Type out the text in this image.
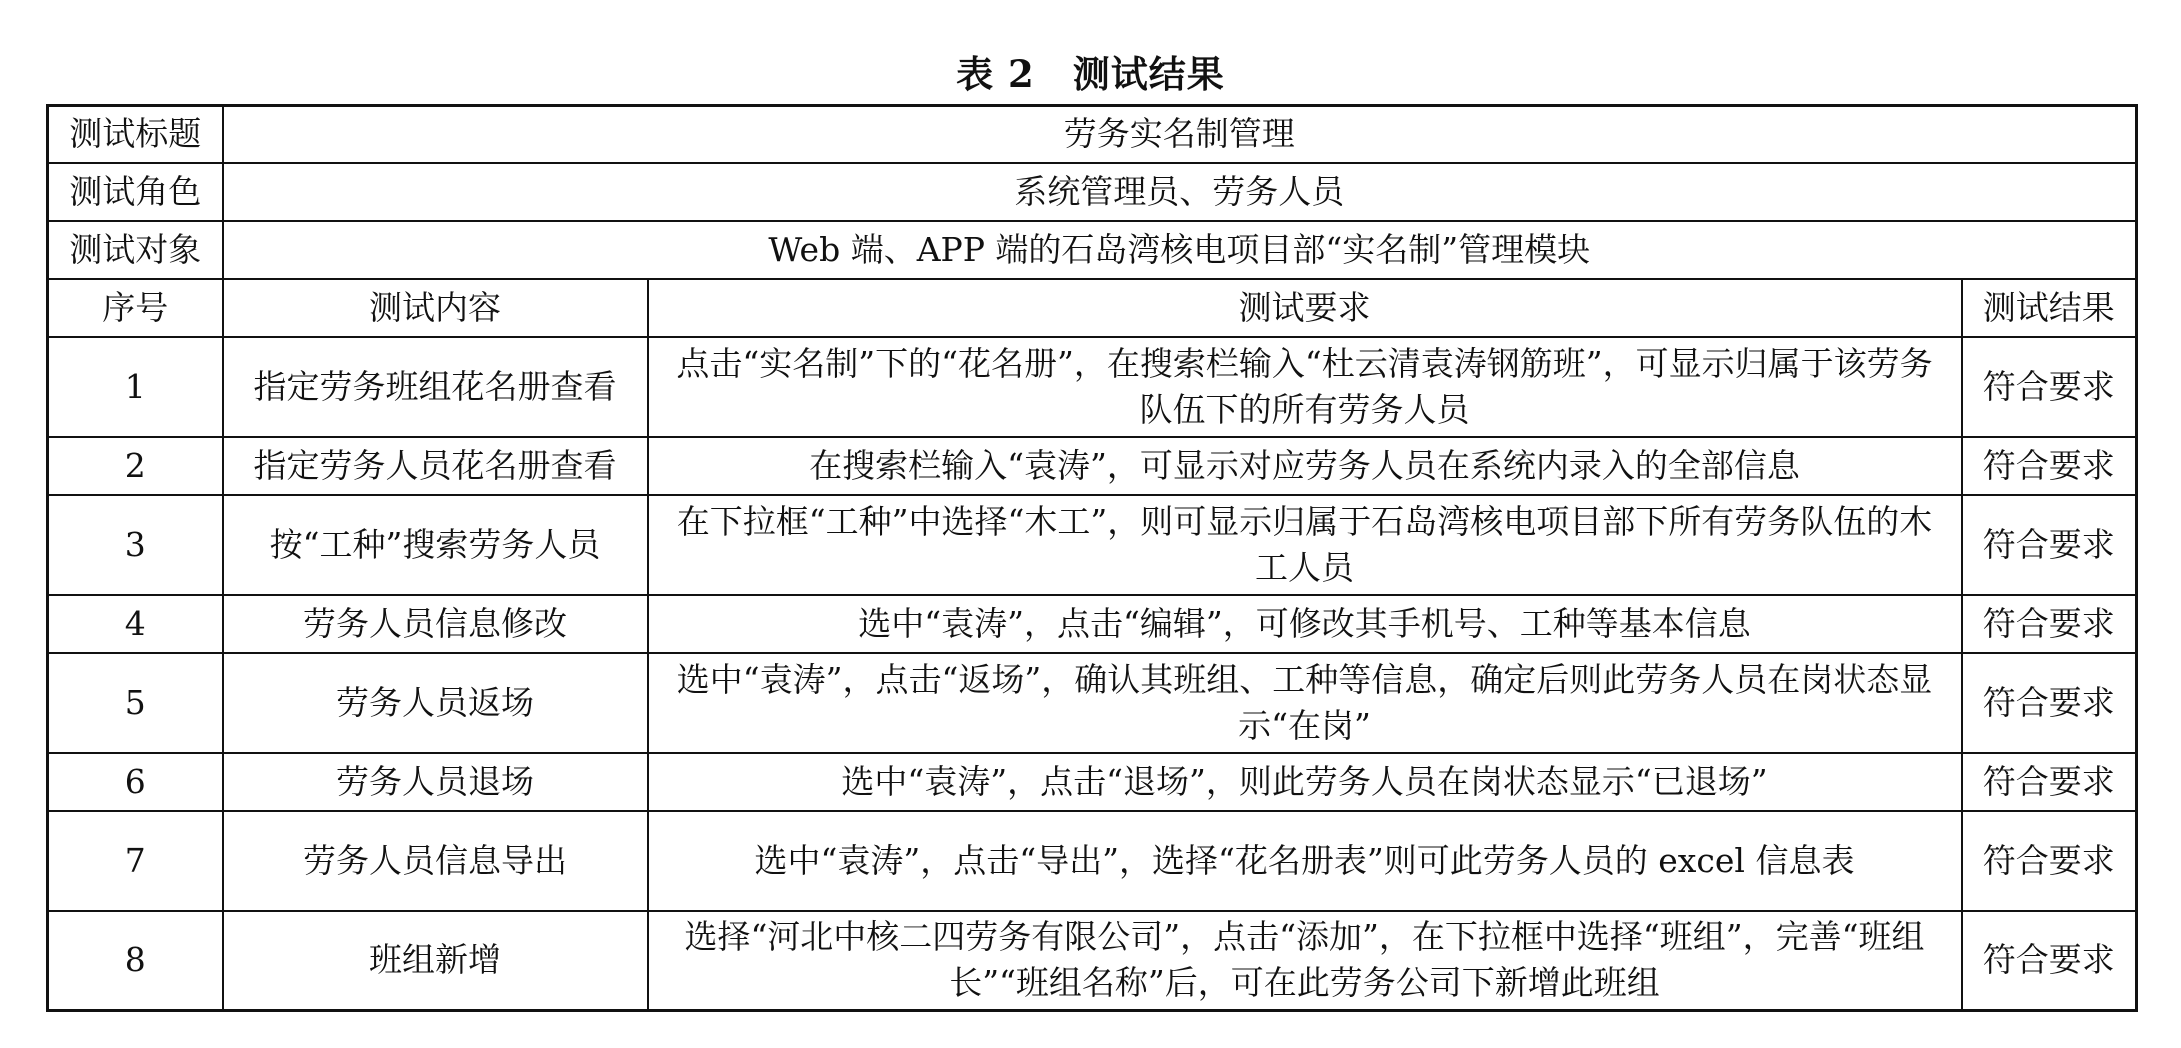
表 2　测试结果
测试标题	劳务实名制管理		
测试角色	系统管理员、劳务人员		
测试对象	Web 端、APP 端的石岛湾核电项目部“实名制”管理模块		
序号	测试内容	测试要求	测试结果
1	指定劳务班组花名册查看	点击“实名制”下的“花名册”，在搜索栏输入“杜云清袁涛钢筋班”，可显示归属于该劳务队伍下的所有劳务人员	符合要求
2	指定劳务人员花名册查看	在搜索栏输入“袁涛”，可显示对应劳务人员在系统内录入的全部信息	符合要求
3	按“工种”搜索劳务人员	在下拉框“工种”中选择“木工”，则可显示归属于石岛湾核电项目部下所有劳务队伍的木工人员	符合要求
4	劳务人员信息修改	选中“袁涛”，点击“编辑”，可修改其手机号、工种等基本信息	符合要求
5	劳务人员返场	选中“袁涛”，点击“返场”，确认其班组、工种等信息，确定后则此劳务人员在岗状态显示“在岗”	符合要求
6	劳务人员退场	选中“袁涛”，点击“退场”，则此劳务人员在岗状态显示“已退场”	符合要求
7	劳务人员信息导出	选中“袁涛”，点击“导出”，选择“花名册表”则可此劳务人员的 excel 信息表	符合要求
8	班组新增	选择“河北中核二四劳务有限公司”，点击“添加”，在下拉框中选择“班组”，完善“班组长”“班组名称”后，可在此劳务公司下新增此班组	符合要求
